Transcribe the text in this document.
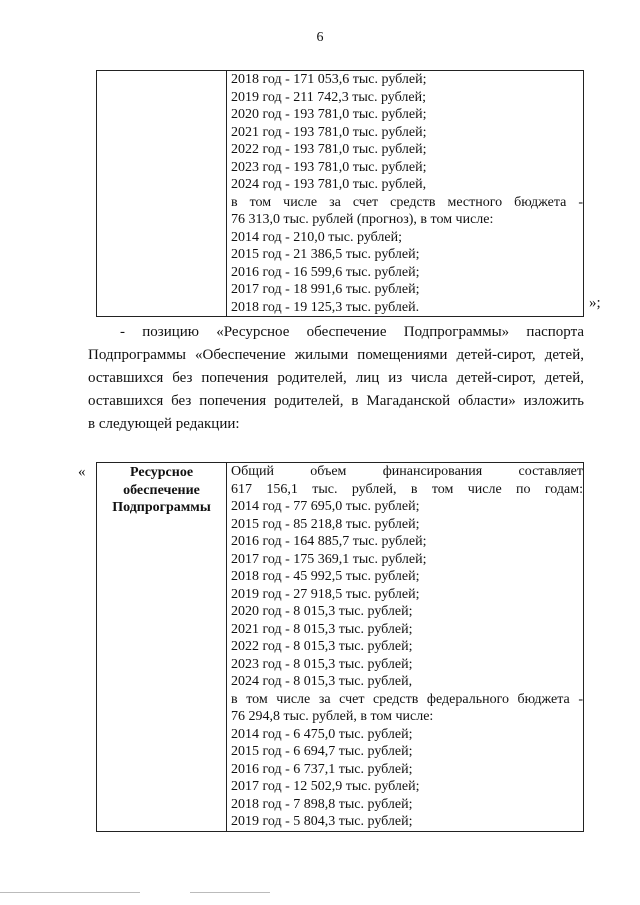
6

2018 год - 171 053,6 тыс. рублей;
2019 год - 211 742,3 тыс. рублей;
2020 год - 193 781,0 тыс. рублей;
2021 год - 193 781,0 тыс. рублей;
2022 год - 193 781,0 тыс. рублей;
2023 год - 193 781,0 тыс. рублей;
2024 год - 193 781,0 тыс. рублей,
в том числе за счет средств местного бюджета -
76 313,0 тыс. рублей (прогноз), в том числе:
2014 год - 210,0 тыс. рублей;
2015 год - 21 386,5 тыс. рублей;
2016 год - 16 599,6 тыс. рублей;
2017 год - 18 991,6 тыс. рублей;
2018 год - 19 125,3 тыс. рублей.	»;
- позицию «Ресурсное обеспечение Подпрограммы» паспорта
Подпрограммы «Обеспечение жилыми помещениями детей-сирот, детей,
оставшихся без попечения родителей, лиц из числа детей-сирот, детей,
оставшихся без попечения родителей, в Магаданской области» изложить
в следующей редакции:
«	Ресурсное
обеспечение
Подпрограммы

Общий объем финансирования составляет
617 156,1 тыс. рублей, в том числе по годам:
2014 год - 77 695,0 тыс. рублей;
2015 год - 85 218,8 тыс. рублей;
2016 год - 164 885,7 тыс. рублей;
2017 год - 175 369,1 тыс. рублей;
2018 год - 45 992,5 тыс. рублей;
2019 год - 27 918,5 тыс. рублей;
2020 год - 8 015,3 тыс. рублей;
2021 год - 8 015,3 тыс. рублей;
2022 год - 8 015,3 тыс. рублей;
2023 год - 8 015,3 тыс. рублей;
2024 год - 8 015,3 тыс. рублей,
в том числе за счет средств федерального бюджета -
76 294,8 тыс. рублей, в том числе:
2014 год - 6 475,0 тыс. рублей;
2015 год - 6 694,7 тыс. рублей;
2016 год - 6 737,1 тыс. рублей;
2017 год - 12 502,9 тыс. рублей;
2018 год - 7 898,8 тыс. рублей;
2019 год - 5 804,3 тыс. рублей;
